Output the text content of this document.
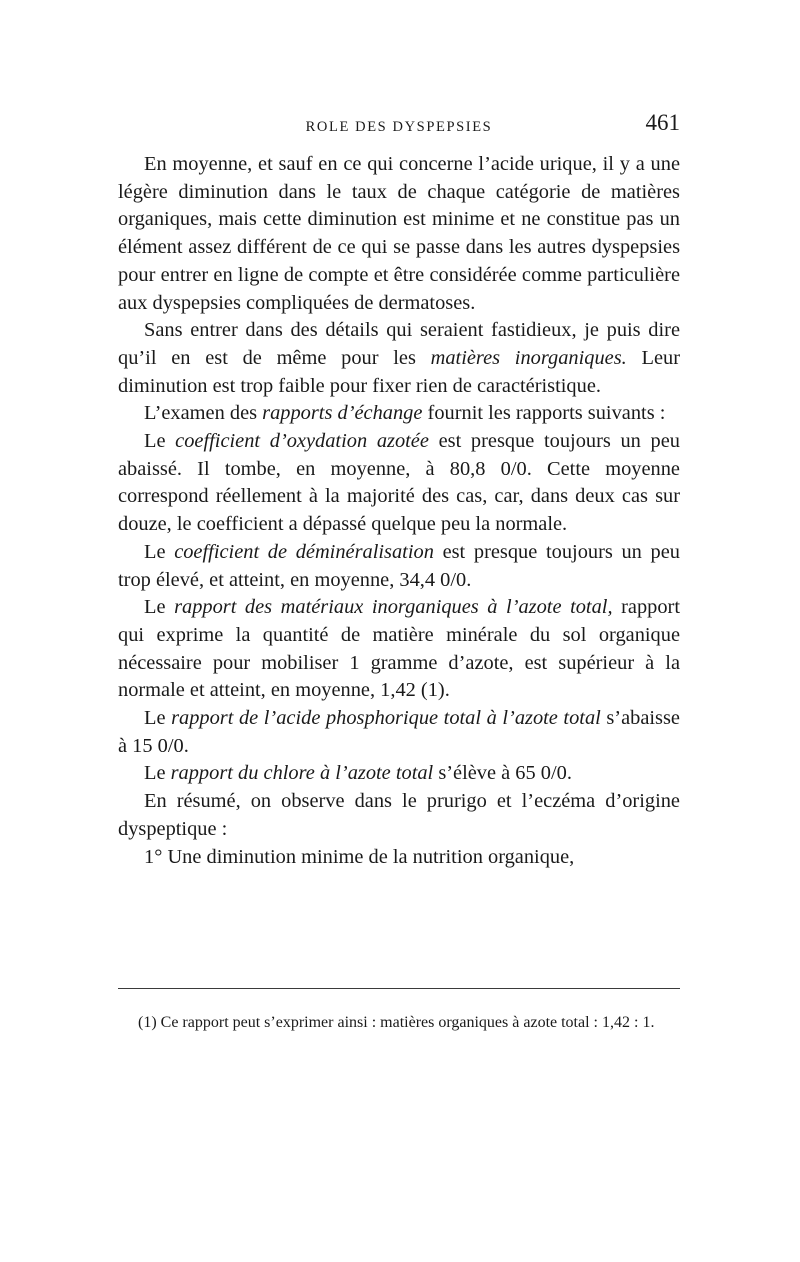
ROLE DES DYSPEPSIES	461

En moyenne, et sauf en ce qui concerne l’acide urique, il y a une légère diminution dans le taux de chaque catégorie de matières organiques, mais cette diminution est minime et ne constitue pas un élément assez différent de ce qui se passe dans les autres dyspepsies pour entrer en ligne de compte et être considérée comme particulière aux dyspepsies compliquées de dermatoses.

Sans entrer dans des détails qui seraient fastidieux, je puis dire qu’il en est de même pour les matières inorganiques. Leur diminution est trop faible pour fixer rien de caractéristique.

L’examen des rapports d’échange fournit les rapports suivants :

Le coefficient d’oxydation azotée est presque toujours un peu abaissé. Il tombe, en moyenne, à 80,8 0/0. Cette moyenne correspond réellement à la majorité des cas, car, dans deux cas sur douze, le coefficient a dépassé quelque peu la normale.

Le coefficient de déminéralisation est presque toujours un peu trop élevé, et atteint, en moyenne, 34,4 0/0.

Le rapport des matériaux inorganiques à l’azote total, rapport qui exprime la quantité de matière minérale du sol organique nécessaire pour mobiliser 1 gramme d’azote, est supérieur à la normale et atteint, en moyenne, 1,42 (1).

Le rapport de l’acide phosphorique total à l’azote total s’abaisse à 15 0/0.

Le rapport du chlore à l’azote total s’élève à 65 0/0.

En résumé, on observe dans le prurigo et l’eczéma d’origine dyspeptique :

1° Une diminution minime de la nutrition organique,

(1) Ce rapport peut s’exprimer ainsi : matières organiques à azote total : 1,42 : 1.
